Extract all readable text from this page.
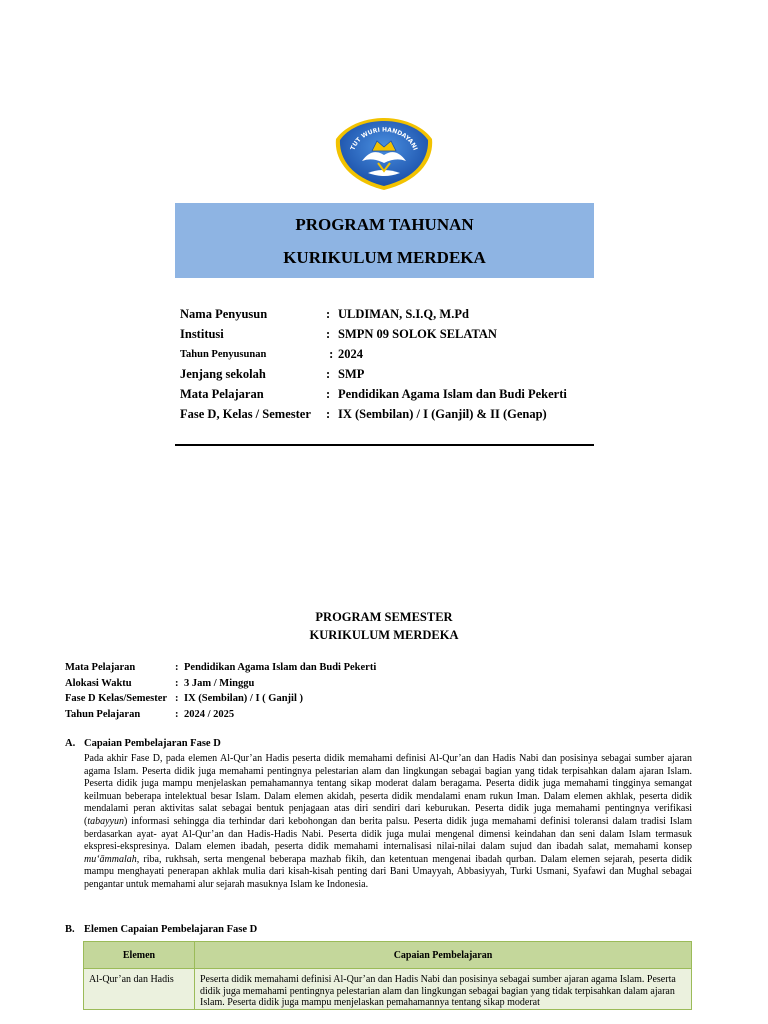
TUT WURI HANDAYANI
PROGRAM TAHUNAN
KURIKULUM MERDEKA
Nama Penyusun	: ULDIMAN, S.I.Q, M.Pd
Institusi	: SMPN 09 SOLOK SELATAN
Tahun Penyusunan	: 2024
Jenjang sekolah	: SMP
Mata Pelajaran	: Pendidikan Agama Islam dan Budi Pekerti
Fase D, Kelas / Semester	: IX (Sembilan) / I (Ganjil) & II (Genap)
PROGRAM SEMESTER
KURIKULUM MERDEKA
Mata Pelajaran	: Pendidikan Agama Islam dan Budi Pekerti
Alokasi Waktu	: 3 Jam / Minggu
Fase D Kelas/Semester : IX (Sembilan) / I ( Ganjil )
Tahun Pelajaran	: 2024 / 2025
A. Capaian Pembelajaran Fase D
Pada akhir Fase D, pada elemen Al-Qur’an Hadis peserta didik memahami definisi Al-Qur’an dan Hadis Nabi dan posisinya sebagai sumber ajaran agama Islam. Peserta didik juga memahami pentingnya pelestarian alam dan lingkungan sebagai bagian yang tidak terpisahkan dalam ajaran Islam. Peserta didik juga mampu menjelaskan pemahamannya tentang sikap moderat dalam beragama. Peserta didik juga memahami tingginya semangat keilmuan beberapa intelektual besar Islam. Dalam elemen akidah, peserta didik mendalami enam rukun Iman. Dalam elemen akhlak, peserta didik mendalami peran aktivitas salat sebagai bentuk penjagaan atas diri sendiri dari keburukan. Peserta didik juga memahami pentingnya verifikasi (tabayyun) informasi sehingga dia terhindar dari kebohongan dan berita palsu. Peserta didik juga memahami definisi toleransi dalam tradisi Islam berdasarkan ayat- ayat Al-Qur’an dan Hadis-Hadis Nabi. Peserta didik juga mulai mengenal dimensi keindahan dan seni dalam Islam termasuk ekspresi-ekspresinya. Dalam elemen ibadah, peserta didik memahami internalisasi nilai-nilai dalam sujud dan ibadah salat, memahami konsep mu‘āmmalah, riba, rukhsah, serta mengenal beberapa mazhab fikih, dan ketentuan mengenai ibadah qurban. Dalam elemen sejarah, peserta didik mampu menghayati penerapan akhlak mulia dari kisah-kisah penting dari Bani Umayyah, Abbasiyyah, Turki Usmani, Syafawi dan Mughal sebagai pengantar untuk memahami alur sejarah masuknya Islam ke Indonesia.
B. Elemen Capaian Pembelajaran Fase D
Elemen	Capaian Pembelajaran
Al-Qur’an dan Hadis	Peserta didik memahami definisi Al-Qur’an dan Hadis Nabi dan posisinya sebagai sumber ajaran agama Islam. Peserta didik juga memahami pentingnya pelestarian alam dan lingkungan sebagai bagian yang tidak terpisahkan dalam ajaran Islam. Peserta didik juga mampu menjelaskan pemahamannya tentang sikap moderat
